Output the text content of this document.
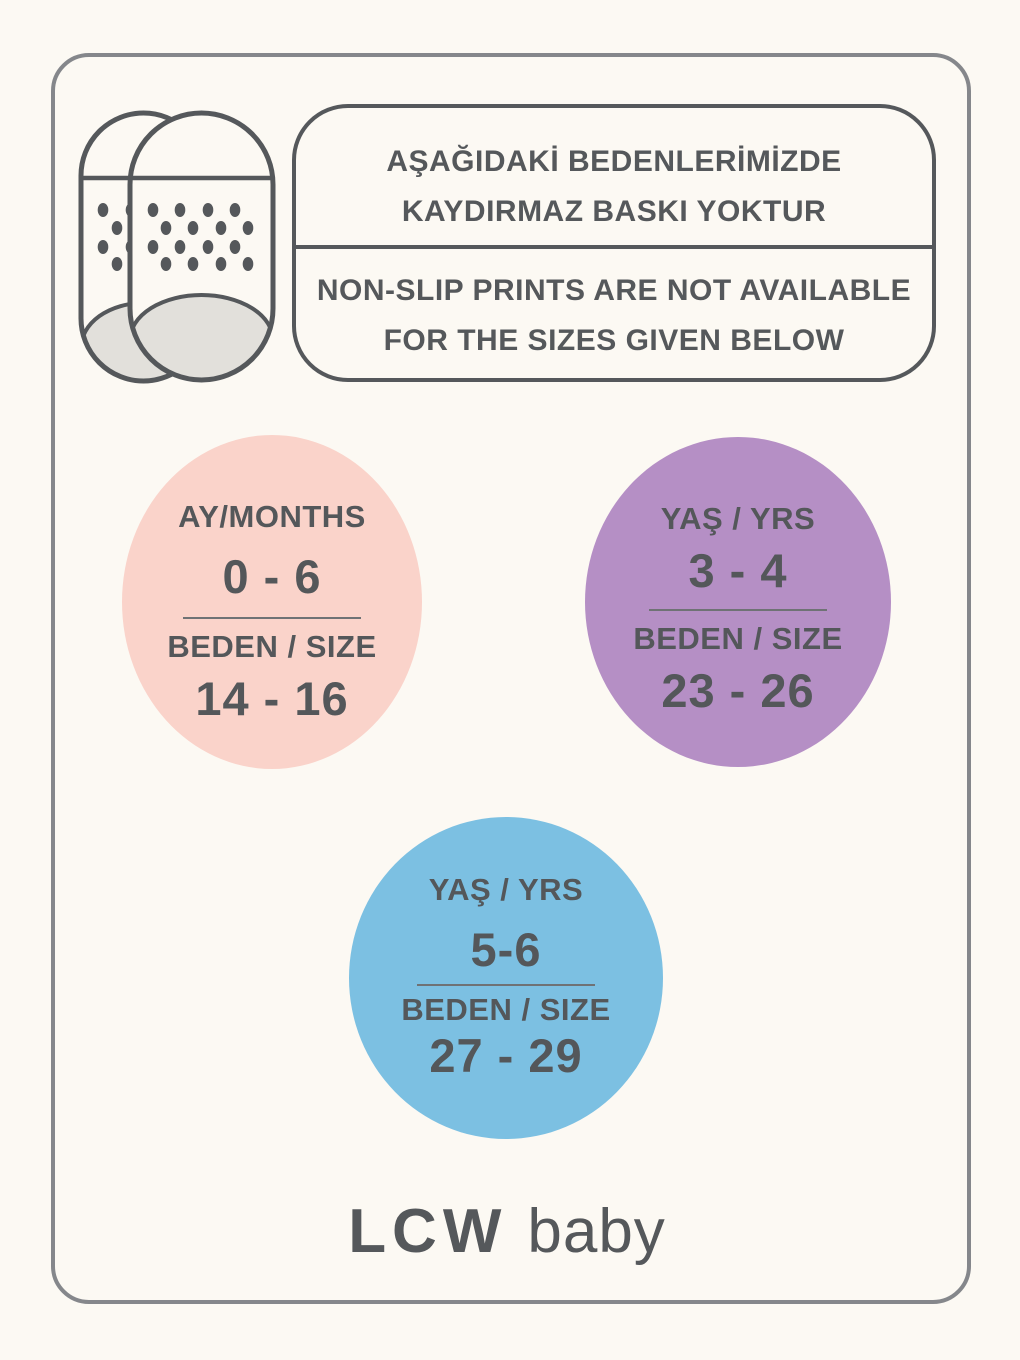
AŞAĞIDAKİ BEDENLERİMİZDE
KAYDIRMAZ BASKI YOKTUR
NON-SLIP PRINTS ARE NOT AVAILABLE
FOR THE SIZES GIVEN BELOW
AY/MONTHS
0 - 6
BEDEN / SIZE
14 - 16
YAŞ / YRS
3 - 4
BEDEN / SIZE
23 - 26
YAŞ / YRS
5-6
BEDEN / SIZE
27 - 29
LCW baby
